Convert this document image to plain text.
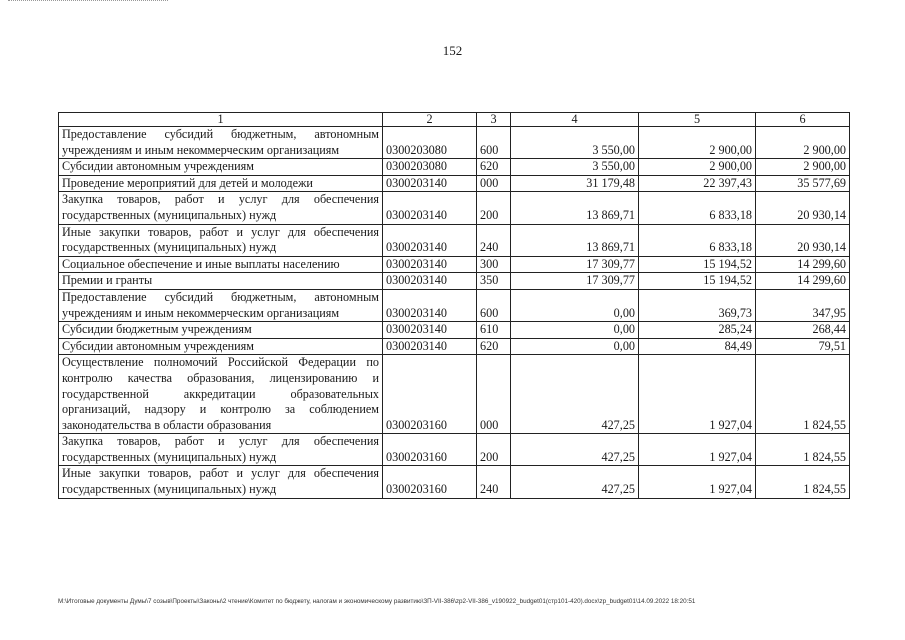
152
1	2	3	4	5	6
Предоставление субсидий бюджетным, автономным учреждениям и иным некоммерческим организациям	0300203080	600	3 550,00	2 900,00	2 900,00
Субсидии автономным учреждениям	0300203080	620	3 550,00	2 900,00	2 900,00
Проведение мероприятий для детей и молодежи	0300203140	000	31 179,48	22 397,43	35 577,69
Закупка товаров, работ и услуг для обеспечения государственных (муниципальных) нужд	0300203140	200	13 869,71	6 833,18	20 930,14
Иные закупки товаров, работ и услуг для обеспечения государственных (муниципальных) нужд	0300203140	240	13 869,71	6 833,18	20 930,14
Социальное обеспечение и иные выплаты населению	0300203140	300	17 309,77	15 194,52	14 299,60
Премии и гранты	0300203140	350	17 309,77	15 194,52	14 299,60
Предоставление субсидий бюджетным, автономным учреждениям и иным некоммерческим организациям	0300203140	600	0,00	369,73	347,95
Субсидии бюджетным учреждениям	0300203140	610	0,00	285,24	268,44
Субсидии автономным учреждениям	0300203140	620	0,00	84,49	79,51
Осуществление полномочий Российской Федерации по контролю качества образования, лицензированию и государственной аккредитации образовательных организаций, надзору и контролю за соблюдением законодательства в области образования	0300203160	000	427,25	1 927,04	1 824,55
Закупка товаров, работ и услуг для обеспечения государственных (муниципальных) нужд	0300203160	200	427,25	1 927,04	1 824,55
Иные закупки товаров, работ и услуг для обеспечения государственных (муниципальных) нужд	0300203160	240	427,25	1 927,04	1 824,55
M:\Итоговые документы Думы\7 созыв\Проекты\Законы\2 чтение\Комитет по бюджету, налогам и экономическому развитию\ЗП-VII-386\zp2-VII-386_v190922_budget01(стр101-420).docx\zp_budget01\14.09.2022 18:20:51
